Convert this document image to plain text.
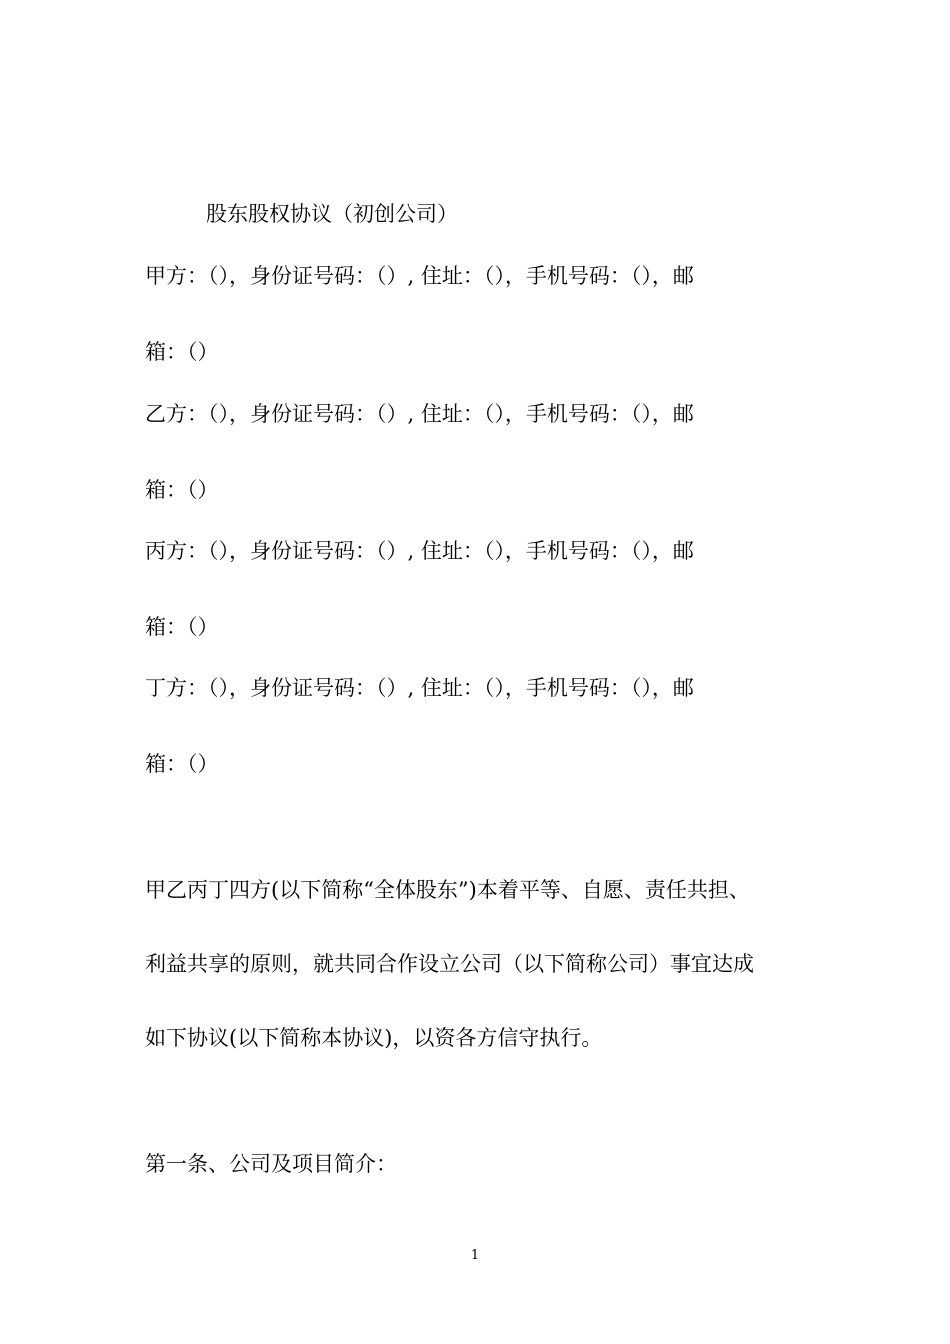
股东股权协议（初创公司）
甲方：（），身份证号码：（）, 住址：（），手机号码：（），邮
箱：（）
乙方：（），身份证号码：（）, 住址：（），手机号码：（），邮
箱：（）
丙方：（），身份证号码：（）, 住址：（），手机号码：（），邮
箱：（）
丁方：（），身份证号码：（）, 住址：（），手机号码：（），邮
箱：（）
甲乙丙丁四方(以下简称“全体股东”)本着平等、自愿、责任共担、
利益共享的原则，就共同合作设立公司（以下简称公司）事宜达成
如下协议(以下简称本协议)，以资各方信守执行。
第一条、公司及项目简介：
1
